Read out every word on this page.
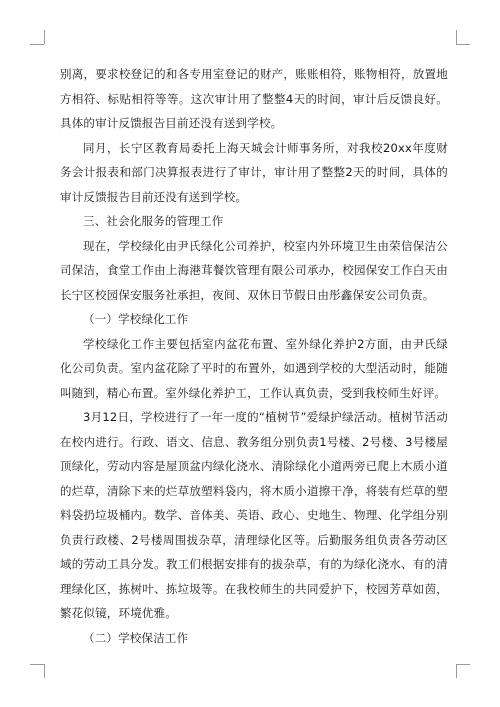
别离，要求校登记的和各专用室登记的财产，账账相符，账物相符，放置地方相符、标贴相符等等。这次审计用了整整4天的时间，审计后反馈良好。具体的审计反馈报告目前还没有送到学校。

同月，长宁区教育局委托上海天城会计师事务所，对我校20xx年度财务会计报表和部门决算报表进行了审计，审计用了整整2天的时间，具体的审计反馈报告目前还没有送到学校。

三、社会化服务的管理工作

现在，学校绿化由尹氏绿化公司养护，校室内外环境卫生由荣信保洁公司保洁，食堂工作由上海港茸餐饮管理有限公司承办，校园保安工作白天由长宁区校园保安服务社承担，夜间、双休日节假日由彤鑫保安公司负责。

（一）学校绿化工作

学校绿化工作主要包括室内盆花布置、室外绿化养护2方面，由尹氏绿化公司负责。室内盆花除了平时的布置外，如遇到学校的大型活动时，能随叫随到，精心布置。室外绿化养护工，工作认真负责，受到我校师生好评。

3月12日，学校进行了一年一度的“植树节”爱绿护绿活动。植树节活动在校内进行。行政、语文、信息、教务组分别负责1号楼、2号楼、3号楼屋顶绿化，劳动内容是屋顶盆内绿化浇水、清除绿化小道两旁已爬上木质小道的烂草，清除下来的烂草放塑料袋内，将木质小道擦干净，将装有烂草的塑料袋扔垃圾桶内。数学、音体美、英语、政心、史地生、物理、化学组分别负责行政楼、2号楼周围拔杂草，清理绿化区等。后勤服务组负责各劳动区域的劳动工具分发。教工们根据安排有的拔杂草，有的为绿化浇水、有的清理绿化区，拣树叶、拣垃圾等。在我校师生的共同爱护下，校园芳草如茵，繁花似镜，环境优雅。

（二）学校保洁工作
